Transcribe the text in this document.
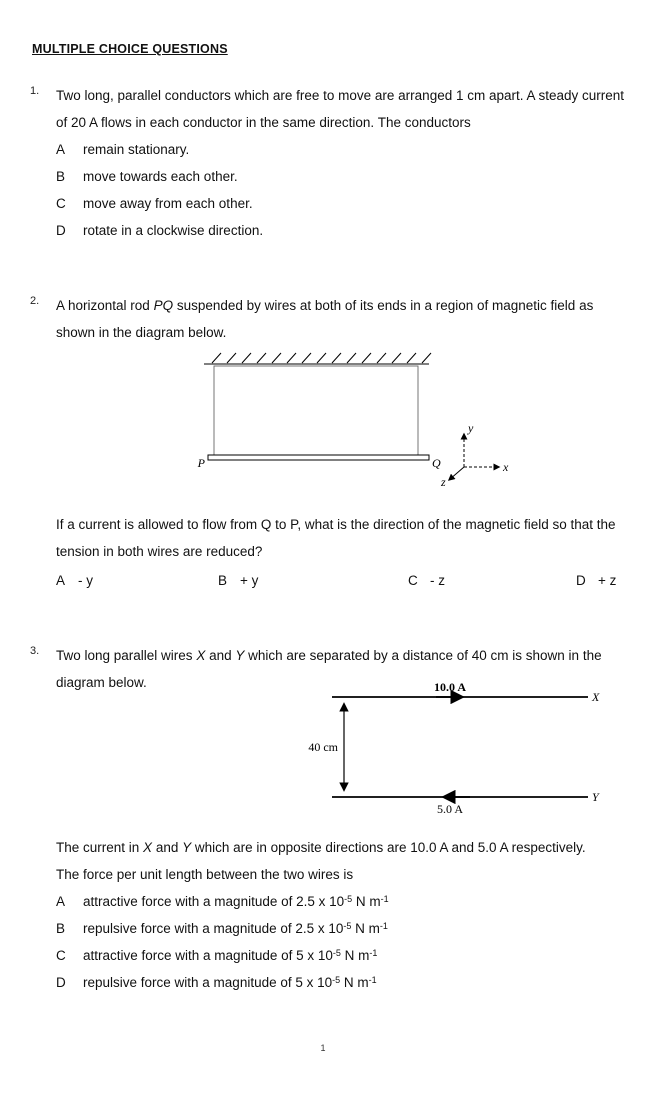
MULTIPLE CHOICE QUESTIONS
1.	Two long, parallel conductors which are free to move are arranged 1 cm apart. A steady current of 20 A flows in each conductor in the same direction. The conductors

A	remain stationary.
B	move towards each other.
C	move away from each other.
D	rotate in a clockwise direction.
2.	A horizontal rod PQ suspended by wires at both of its ends in a region of magnetic field as shown in the diagram below.

P	Q
y
x
z

If a current is allowed to flow from Q to P, what is the direction of the magnetic field so that the tension in both wires are reduced?

A - y	B + y	C - z	D + z
3.
10.0 A
X
5.0 A
Y
40 cm

Two long parallel wires X and Y which are separated by a distance of 40 cm is shown in the diagram below.

The current in X and Y which are in opposite directions are 10.0 A and 5.0 A respectively.

The force per unit length between the two wires is

A	attractive force with a magnitude of 2.5 x $10^{-5}$ N $m^{-1}$
B	repulsive force with a magnitude of 2.5 x $10^{-5}$ N $m^{-1}$
C	attractive force with a magnitude of 5 x $10^{-5}$ N $m^{-1}$
D	repulsive force with a magnitude of 5 x $10^{-5}$ N $m^{-1}$
1
